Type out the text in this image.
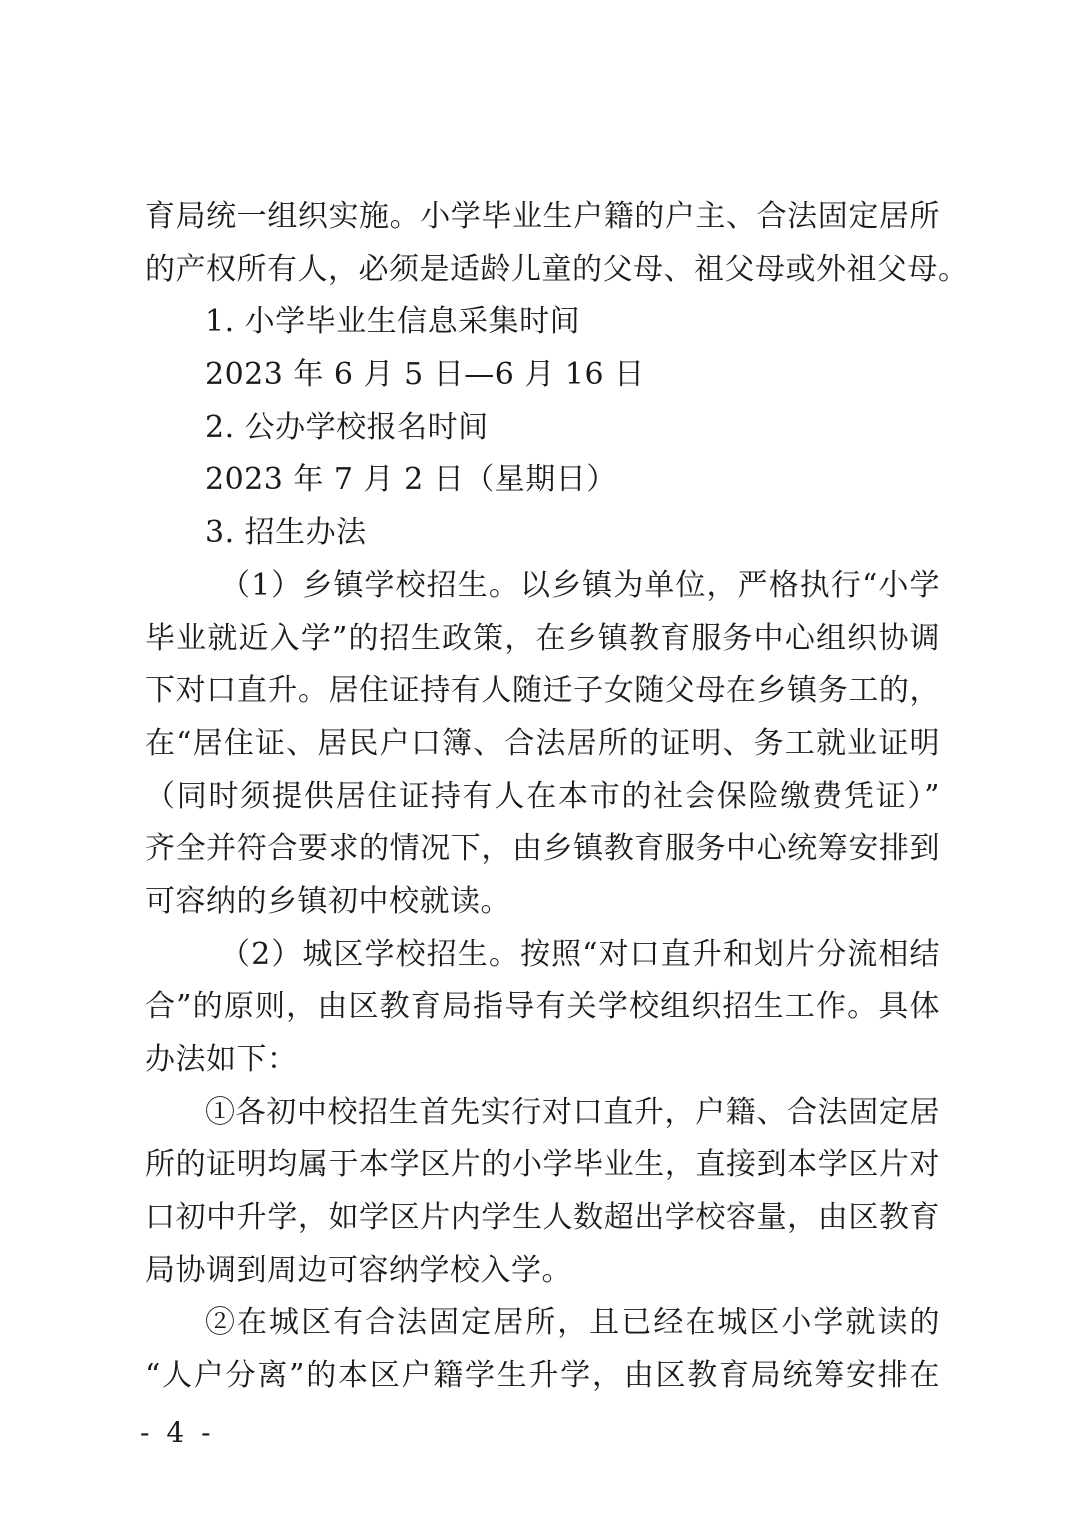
育局统一组织实施。小学毕业生户籍的户主、合法固定居所
的产权所有人，必须是适龄儿童的父母、祖父母或外祖父母。
1. 小学毕业生信息采集时间
2023 年 6 月 5 日—6 月 16 日
2. 公办学校报名时间
2023 年 7 月 2 日（星期日）
3. 招生办法
（1）乡镇学校招生。以乡镇为单位，严格执行“小学
毕业就近入学”的招生政策，在乡镇教育服务中心组织协调
下对口直升。居住证持有人随迁子女随父母在乡镇务工的，
在“居住证、居民户口簿、合法居所的证明、务工就业证明
（同时须提供居住证持有人在本市的社会保险缴费凭证）”
齐全并符合要求的情况下，由乡镇教育服务中心统筹安排到
可容纳的乡镇初中校就读。
（2）城区学校招生。按照“对口直升和划片分流相结
合”的原则，由区教育局指导有关学校组织招生工作。具体
办法如下：
①各初中校招生首先实行对口直升，户籍、合法固定居
所的证明均属于本学区片的小学毕业生，直接到本学区片对
口初中升学，如学区片内学生人数超出学校容量，由区教育
局协调到周边可容纳学校入学。
②在城区有合法固定居所，且已经在城区小学就读的
“人户分离”的本区户籍学生升学，由区教育局统筹安排在
- 4 -
